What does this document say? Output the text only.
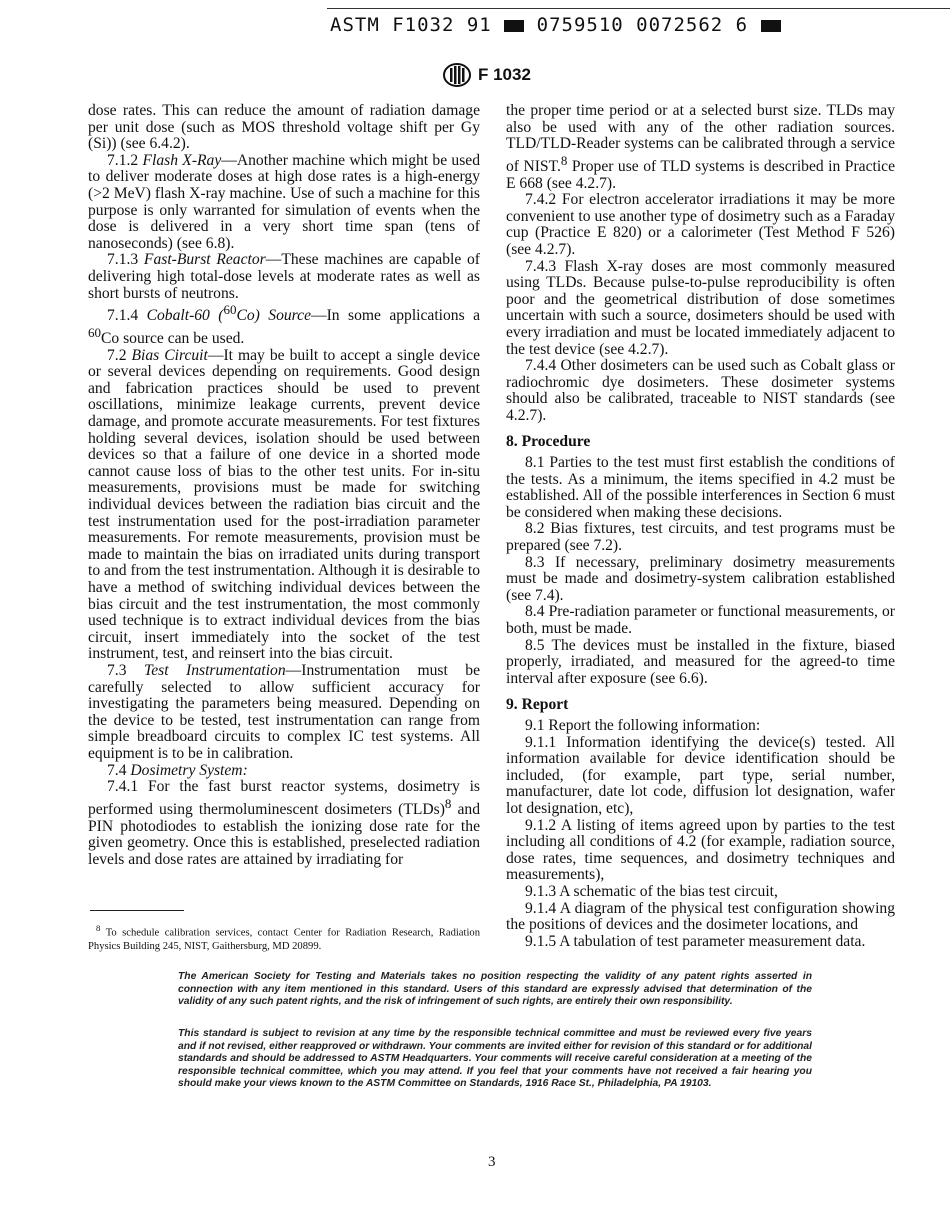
ASTM F1032 91 0759510 0072562 6
F 1032

dose rates. This can reduce the amount of radiation damage per unit dose (such as MOS threshold voltage shift per Gy (Si)) (see 6.4.2).

7.1.2 Flash X-Ray—Another machine which might be used to deliver moderate doses at high dose rates is a high-energy (>2 MeV) flash X-ray machine. Use of such a machine for this purpose is only warranted for simulation of events when the dose is delivered in a very short time span (tens of nanoseconds) (see 6.8).

7.1.3 Fast-Burst Reactor—These machines are capable of delivering high total-dose levels at moderate rates as well as short bursts of neutrons.

7.1.4 Cobalt-60 ($^{60}$Co) Source—In some applications a $^{60}$Co source can be used.

7.2 Bias Circuit—It may be built to accept a single device or several devices depending on requirements. Good design and fabrication practices should be used to prevent oscillations, minimize leakage currents, prevent device damage, and promote accurate measurements. For test fixtures holding several devices, isolation should be used between devices so that a failure of one device in a shorted mode cannot cause loss of bias to the other test units. For in-situ measurements, provisions must be made for switching individual devices between the radiation bias circuit and the test instrumentation used for the post-irradiation parameter measurements. For remote measurements, provision must be made to maintain the bias on irradiated units during transport to and from the test instrumentation. Although it is desirable to have a method of switching individual devices between the bias circuit and the test instrumentation, the most commonly used technique is to extract individual devices from the bias circuit, insert immediately into the socket of the test instrument, test, and reinsert into the bias circuit.

7.3 Test Instrumentation—Instrumentation must be carefully selected to allow sufficient accuracy for investigating the parameters being measured. Depending on the device to be tested, test instrumentation can range from simple breadboard circuits to complex IC test systems. All equipment is to be in calibration.

7.4 Dosimetry System:

7.4.1 For the fast burst reactor systems, dosimetry is performed using thermoluminescent dosimeters (TLDs)$^8$ and PIN photodiodes to establish the ionizing dose rate for the given geometry. Once this is established, preselected radiation levels and dose rates are attained by irradiating for

$^8$ To schedule calibration services, contact Center for Radiation Research, Radiation Physics Building 245, NIST, Gaithersburg, MD 20899.

the proper time period or at a selected burst size. TLDs may also be used with any of the other radiation sources. TLD/TLD-Reader systems can be calibrated through a service of NIST.$^8$ Proper use of TLD systems is described in Practice E 668 (see 4.2.7).

7.4.2 For electron accelerator irradiations it may be more convenient to use another type of dosimetry such as a Faraday cup (Practice E 820) or a calorimeter (Test Method F 526) (see 4.2.7).

7.4.3 Flash X-ray doses are most commonly measured using TLDs. Because pulse-to-pulse reproducibility is often poor and the geometrical distribution of dose sometimes uncertain with such a source, dosimeters should be used with every irradiation and must be located immediately adjacent to the test device (see 4.2.7).

7.4.4 Other dosimeters can be used such as Cobalt glass or radiochromic dye dosimeters. These dosimeter systems should also be calibrated, traceable to NIST standards (see 4.2.7).

8. Procedure

8.1 Parties to the test must first establish the conditions of the tests. As a minimum, the items specified in 4.2 must be established. All of the possible interferences in Section 6 must be considered when making these decisions.

8.2 Bias fixtures, test circuits, and test programs must be prepared (see 7.2).

8.3 If necessary, preliminary dosimetry measurements must be made and dosimetry-system calibration established (see 7.4).

8.4 Pre-radiation parameter or functional measurements, or both, must be made.

8.5 The devices must be installed in the fixture, biased properly, irradiated, and measured for the agreed-to time interval after exposure (see 6.6).

9. Report

9.1 Report the following information:

9.1.1 Information identifying the device(s) tested. All information available for device identification should be included, (for example, part type, serial number, manufacturer, date lot code, diffusion lot designation, wafer lot designation, etc),

9.1.2 A listing of items agreed upon by parties to the test including all conditions of 4.2 (for example, radiation source, dose rates, time sequences, and dosimetry techniques and measurements),

9.1.3 A schematic of the bias test circuit,

9.1.4 A diagram of the physical test configuration showing the positions of devices and the dosimeter locations, and

9.1.5 A tabulation of test parameter measurement data.

The American Society for Testing and Materials takes no position respecting the validity of any patent rights asserted in connection with any item mentioned in this standard. Users of this standard are expressly advised that determination of the validity of any such patent rights, and the risk of infringement of such rights, are entirely their own responsibility.
This standard is subject to revision at any time by the responsible technical committee and must be reviewed every five years and if not revised, either reapproved or withdrawn. Your comments are invited either for revision of this standard or for additional standards and should be addressed to ASTM Headquarters. Your comments will receive careful consideration at a meeting of the responsible technical committee, which you may attend. If you feel that your comments have not received a fair hearing you should make your views known to the ASTM Committee on Standards, 1916 Race St., Philadelphia, PA 19103.
3
